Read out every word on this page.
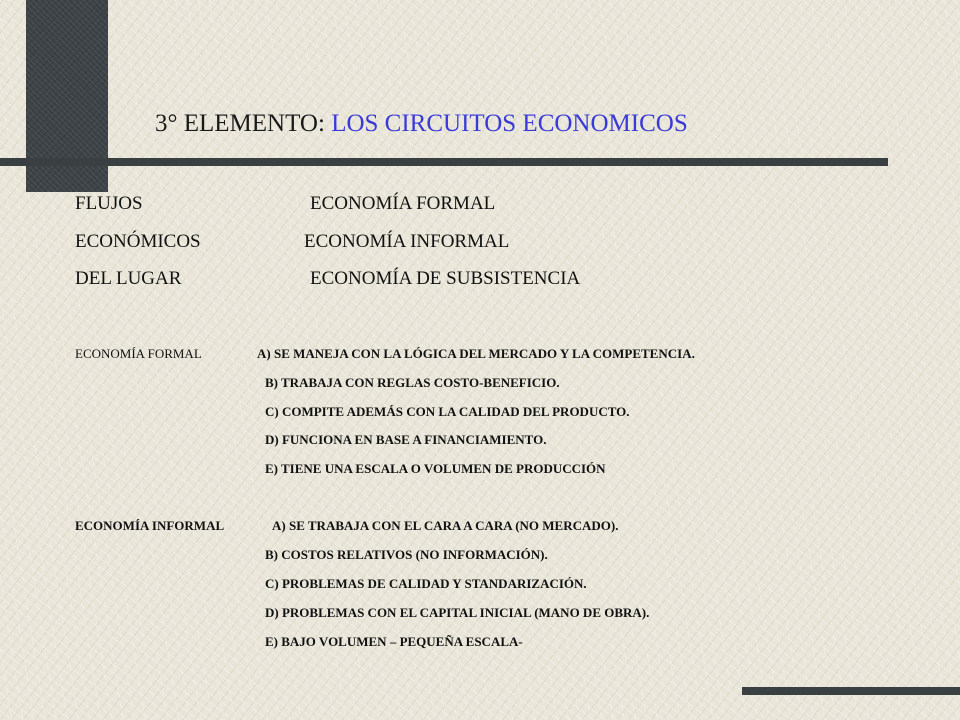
3° ELEMENTO: LOS CIRCUITOS ECONOMICOS
FLUJOS	ECONOMÍA FORMAL
ECONÓMICOS	ECONOMÍA INFORMAL
DEL LUGAR	ECONOMÍA DE SUBSISTENCIA
ECONOMÍA FORMAL	A) SE MANEJA CON LA LÓGICA DEL MERCADO Y LA COMPETENCIA.
B) TRABAJA CON REGLAS COSTO-BENEFICIO.
C) COMPITE ADEMÁS CON LA CALIDAD DEL PRODUCTO.
D) FUNCIONA EN BASE A FINANCIAMIENTO.
E) TIENE UNA ESCALA O VOLUMEN DE PRODUCCIÓN
ECONOMÍA INFORMAL	A) SE TRABAJA CON EL CARA A CARA (NO MERCADO).
B) COSTOS RELATIVOS (NO INFORMACIÓN).
C) PROBLEMAS DE CALIDAD Y STANDARIZACIÓN.
D) PROBLEMAS CON EL CAPITAL INICIAL (MANO DE OBRA).
E) BAJO VOLUMEN – PEQUEÑA ESCALA-
